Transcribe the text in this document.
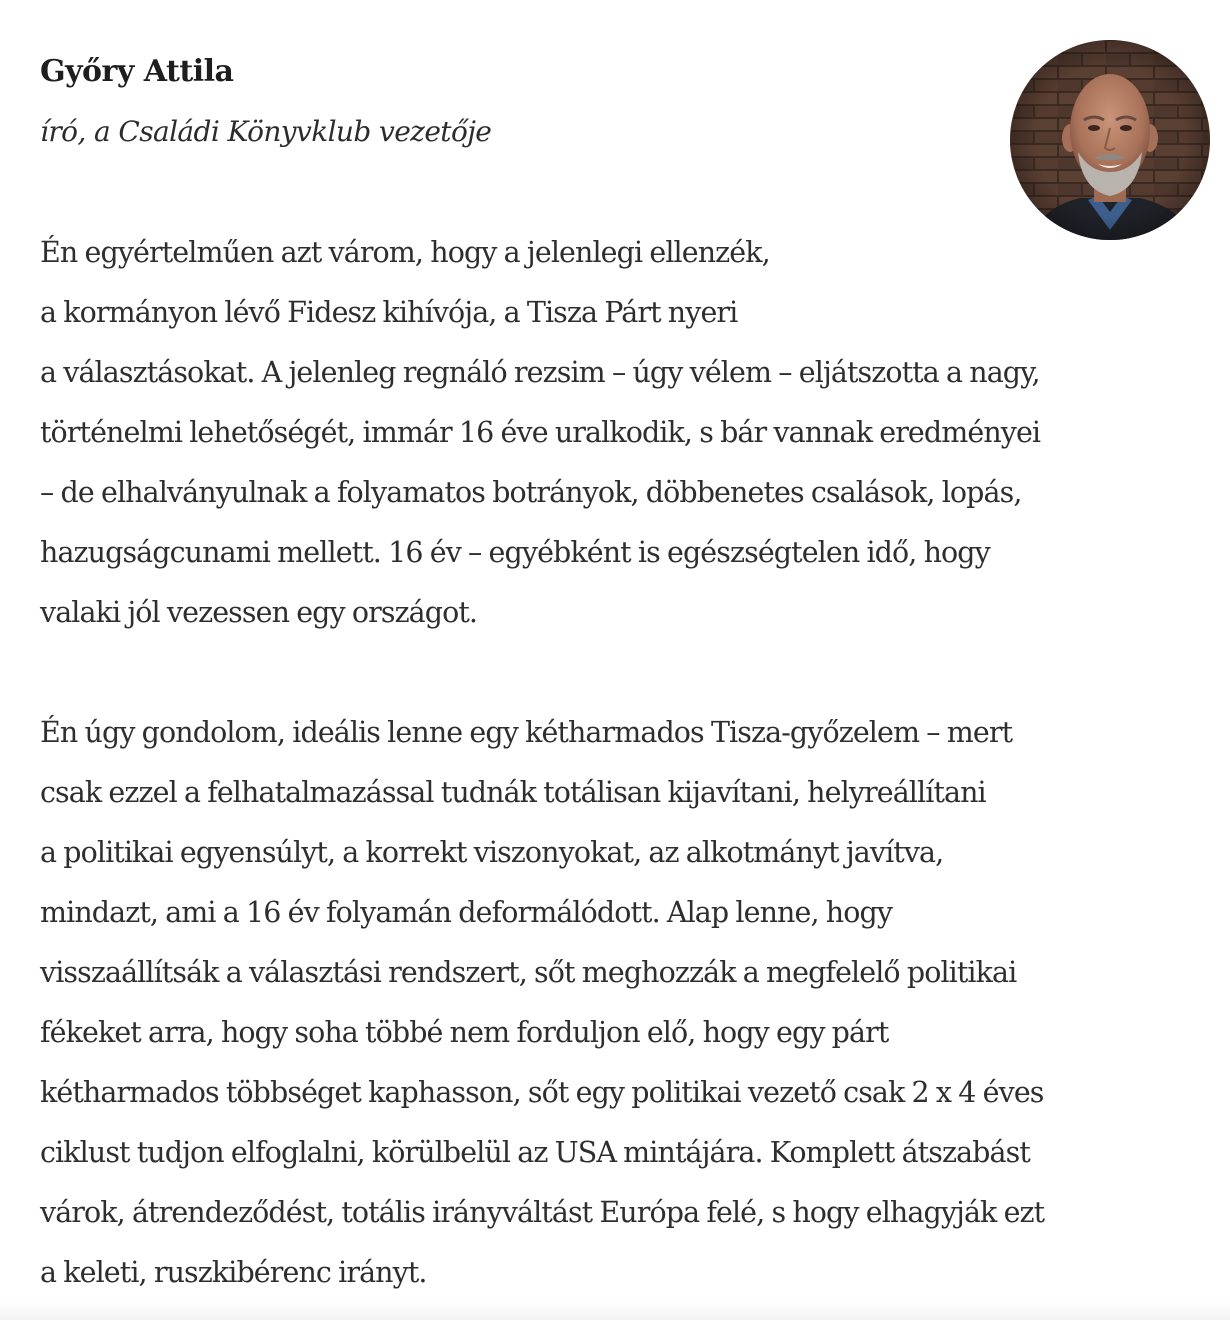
Győry Attila

író, a Családi Könyvklub vezetője

Én egyértelműen azt várom, hogy a jelenlegi ellenzék,
a kormányon lévő Fidesz kihívója, a Tisza Párt nyeri
a választásokat. A jelenleg regnáló rezsim – úgy vélem – eljátszotta a nagy,
történelmi lehetőségét, immár 16 éve uralkodik, s bár vannak eredményei
– de elhalványulnak a folyamatos botrányok, döbbenetes csalások, lopás,
hazugságcunami mellett. 16 év – egyébként is egészségtelen idő, hogy
valaki jól vezessen egy országot.

Én úgy gondolom, ideális lenne egy kétharmados Tisza-győzelem – mert
csak ezzel a felhatalmazással tudnák totálisan kijavítani, helyreállítani
a politikai egyensúlyt, a korrekt viszonyokat, az alkotmányt javítva,
mindazt, ami a 16 év folyamán deformálódott. Alap lenne, hogy
visszaállítsák a választási rendszert, sőt meghozzák a megfelelő politikai
fékeket arra, hogy soha többé nem forduljon elő, hogy egy párt
kétharmados többséget kaphasson, sőt egy politikai vezető csak 2 x 4 éves
ciklust tudjon elfoglalni, körülbelül az USA mintájára. Komplett átszabást
várok, átrendeződést, totális irányváltást Európa felé, s hogy elhagyják ezt
a keleti, ruszkibérenc irányt.
